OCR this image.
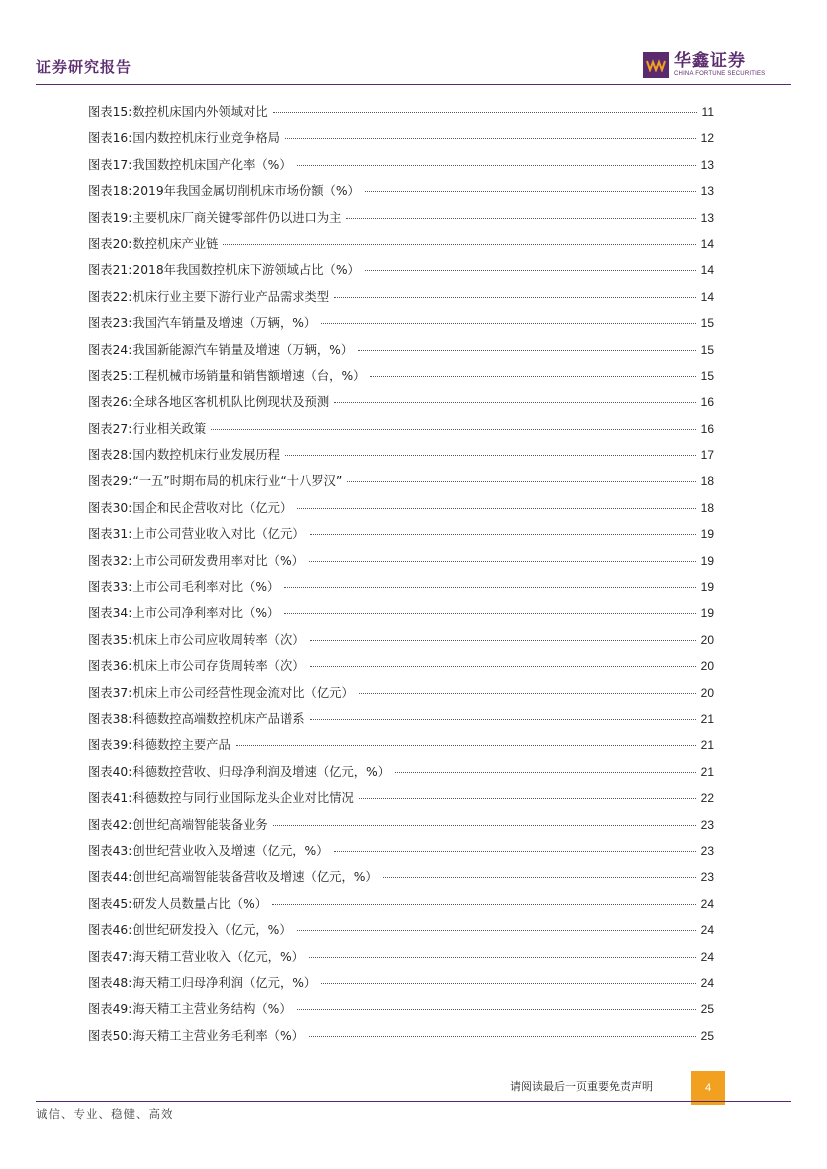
证券研究报告	华鑫证券
CHINA FORTUNE SECURITIES
图表15: 数控机床国内外领域对比	11
图表16: 国内数控机床行业竞争格局	12
图表17: 我国数控机床国产化率（%）	13
图表18: 2019年我国金属切削机床市场份额（%）	13
图表19: 主要机床厂商关键零部件仍以进口为主	13
图表20: 数控机床产业链	14
图表21: 2018年我国数控机床下游领域占比（%）	14
图表22: 机床行业主要下游行业产品需求类型	14
图表23: 我国汽车销量及增速（万辆，%）	15
图表24: 我国新能源汽车销量及增速（万辆，%）	15
图表25: 工程机械市场销量和销售额增速（台，%）	15
图表26: 全球各地区客机机队比例现状及预测	16
图表27: 行业相关政策	16
图表28: 国内数控机床行业发展历程	17
图表29: “一五”时期布局的机床行业“十八罗汉”	18
图表30: 国企和民企营收对比（亿元）	18
图表31: 上市公司营业收入对比（亿元）	19
图表32: 上市公司研发费用率对比（%）	19
图表33: 上市公司毛利率对比（%）	19
图表34: 上市公司净利率对比（%）	19
图表35: 机床上市公司应收周转率（次）	20
图表36: 机床上市公司存货周转率（次）	20
图表37: 机床上市公司经营性现金流对比（亿元）	20
图表38: 科德数控高端数控机床产品谱系	21
图表39: 科德数控主要产品	21
图表40: 科德数控营收、归母净利润及增速（亿元，%）	21
图表41: 科德数控与同行业国际龙头企业对比情况	22
图表42: 创世纪高端智能装备业务	23
图表43: 创世纪营业收入及增速（亿元，%）	23
图表44: 创世纪高端智能装备营收及增速（亿元，%）	23
图表45: 研发人员数量占比（%）	24
图表46: 创世纪研发投入（亿元，%）	24
图表47: 海天精工营业收入（亿元，%）	24
图表48: 海天精工归母净利润（亿元，%）	24
图表49: 海天精工主营业务结构（%）	25
图表50: 海天精工主营业务毛利率（%）	25
请阅读最后一页重要免责声明	4
诚信、专业、稳健、高效
